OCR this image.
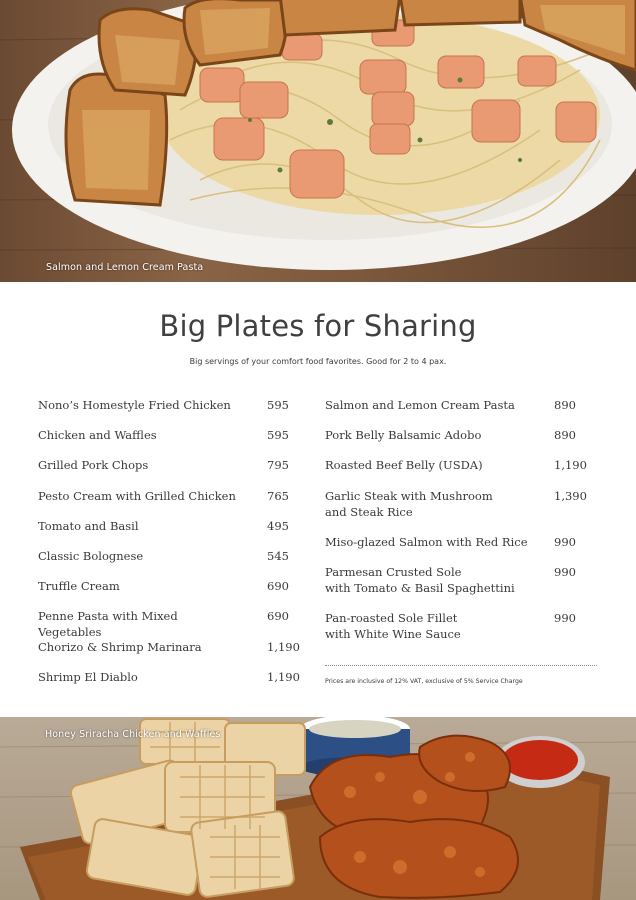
Salmon and Lemon Cream Pasta
Big Plates for Sharing
Big servings of your comfort food favorites. Good for 2 to 4 pax.
Nono’s Homestyle Fried Chicken	595
Chicken and Waffles	595
Grilled Pork Chops	795
Pesto Cream with Grilled Chicken	765
Tomato and Basil	495
Classic Bolognese	545
Truffle Cream	690
Penne Pasta with Mixed Vegetables
690
Chorizo & Shrimp Marinara	1,190
Shrimp El Diablo	1,190
Salmon and Lemon Cream Pasta	890
Pork Belly Balsamic Adobo	890
Roasted Beef Belly (USDA)	1,190
Garlic Steak with Mushroom
and Steak Rice
1,390
Miso-glazed Salmon with Red Rice	990
Parmesan Crusted Sole
with Tomato & Basil Spaghettini
990
Pan-roasted Sole Fillet
with White Wine Sauce
990
Prices are inclusive of 12% VAT, exclusive of 5% Service Charge
Honey Sriracha Chicken and Waffles
